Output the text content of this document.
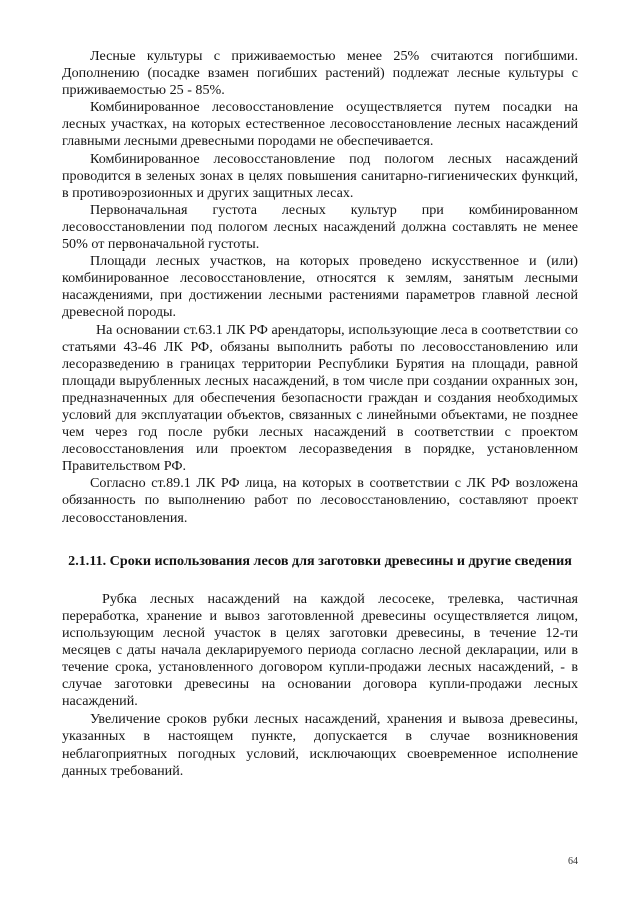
Лесные культуры с приживаемостью менее 25% считаются погибшими. Дополнению (посадке взамен погибших растений) подлежат лесные культуры с приживаемостью 25 - 85%.

Комбинированное лесовосстановление осуществляется путем посадки на лесных участках, на которых естественное лесовосстановление лесных насаждений главными лесными древесными породами не обеспечивается.

Комбинированное лесовосстановление под пологом лесных насаждений проводится в зеленых зонах в целях повышения санитарно-гигиенических функций, в противоэрозионных и других защитных лесах.

Первоначальная густота лесных культур при комбинированном лесовосстановлении под пологом лесных насаждений должна составлять не менее 50% от первоначальной густоты.

Площади лесных участков, на которых проведено искусственное и (или) комбинированное лесовосстановление, относятся к землям, занятым лесными насаждениями, при достижении лесными растениями параметров главной лесной древесной породы.

На основании ст.63.1 ЛК РФ арендаторы, использующие леса в соответствии со статьями 43-46 ЛК РФ, обязаны выполнить работы по лесовосстановлению или лесоразведению в границах территории Республики Бурятия на площади, равной площади вырубленных лесных насаждений, в том числе при создании охранных зон, предназначенных для обеспечения безопасности граждан и создания необходимых условий для эксплуатации объектов, связанных с линейными объектами, не позднее чем через год после рубки лесных насаждений в соответствии с проектом лесовосстановления или проектом лесоразведения в порядке, установленном Правительством РФ.

Согласно ст.89.1 ЛК РФ лица, на которых в соответствии с ЛК РФ возложена обязанность по выполнению работ по лесовосстановлению, составляют проект лесовосстановления.

2.1.11. Сроки использования лесов для заготовки древесины и другие сведения

Рубка лесных насаждений на каждой лесосеке, трелевка, частичная переработка, хранение и вывоз заготовленной древесины осуществляется лицом, использующим лесной участок в целях заготовки древесины, в течение 12-ти месяцев с даты начала декларируемого периода согласно лесной декларации, или в течение срока, установленного договором купли-продажи лесных насаждений, - в случае заготовки древесины на основании договора купли-продажи лесных насаждений.

Увеличение сроков рубки лесных насаждений, хранения и вывоза древесины, указанных в настоящем пункте, допускается в случае возникновения неблагоприятных погодных условий, исключающих своевременное исполнение данных требований.

64
